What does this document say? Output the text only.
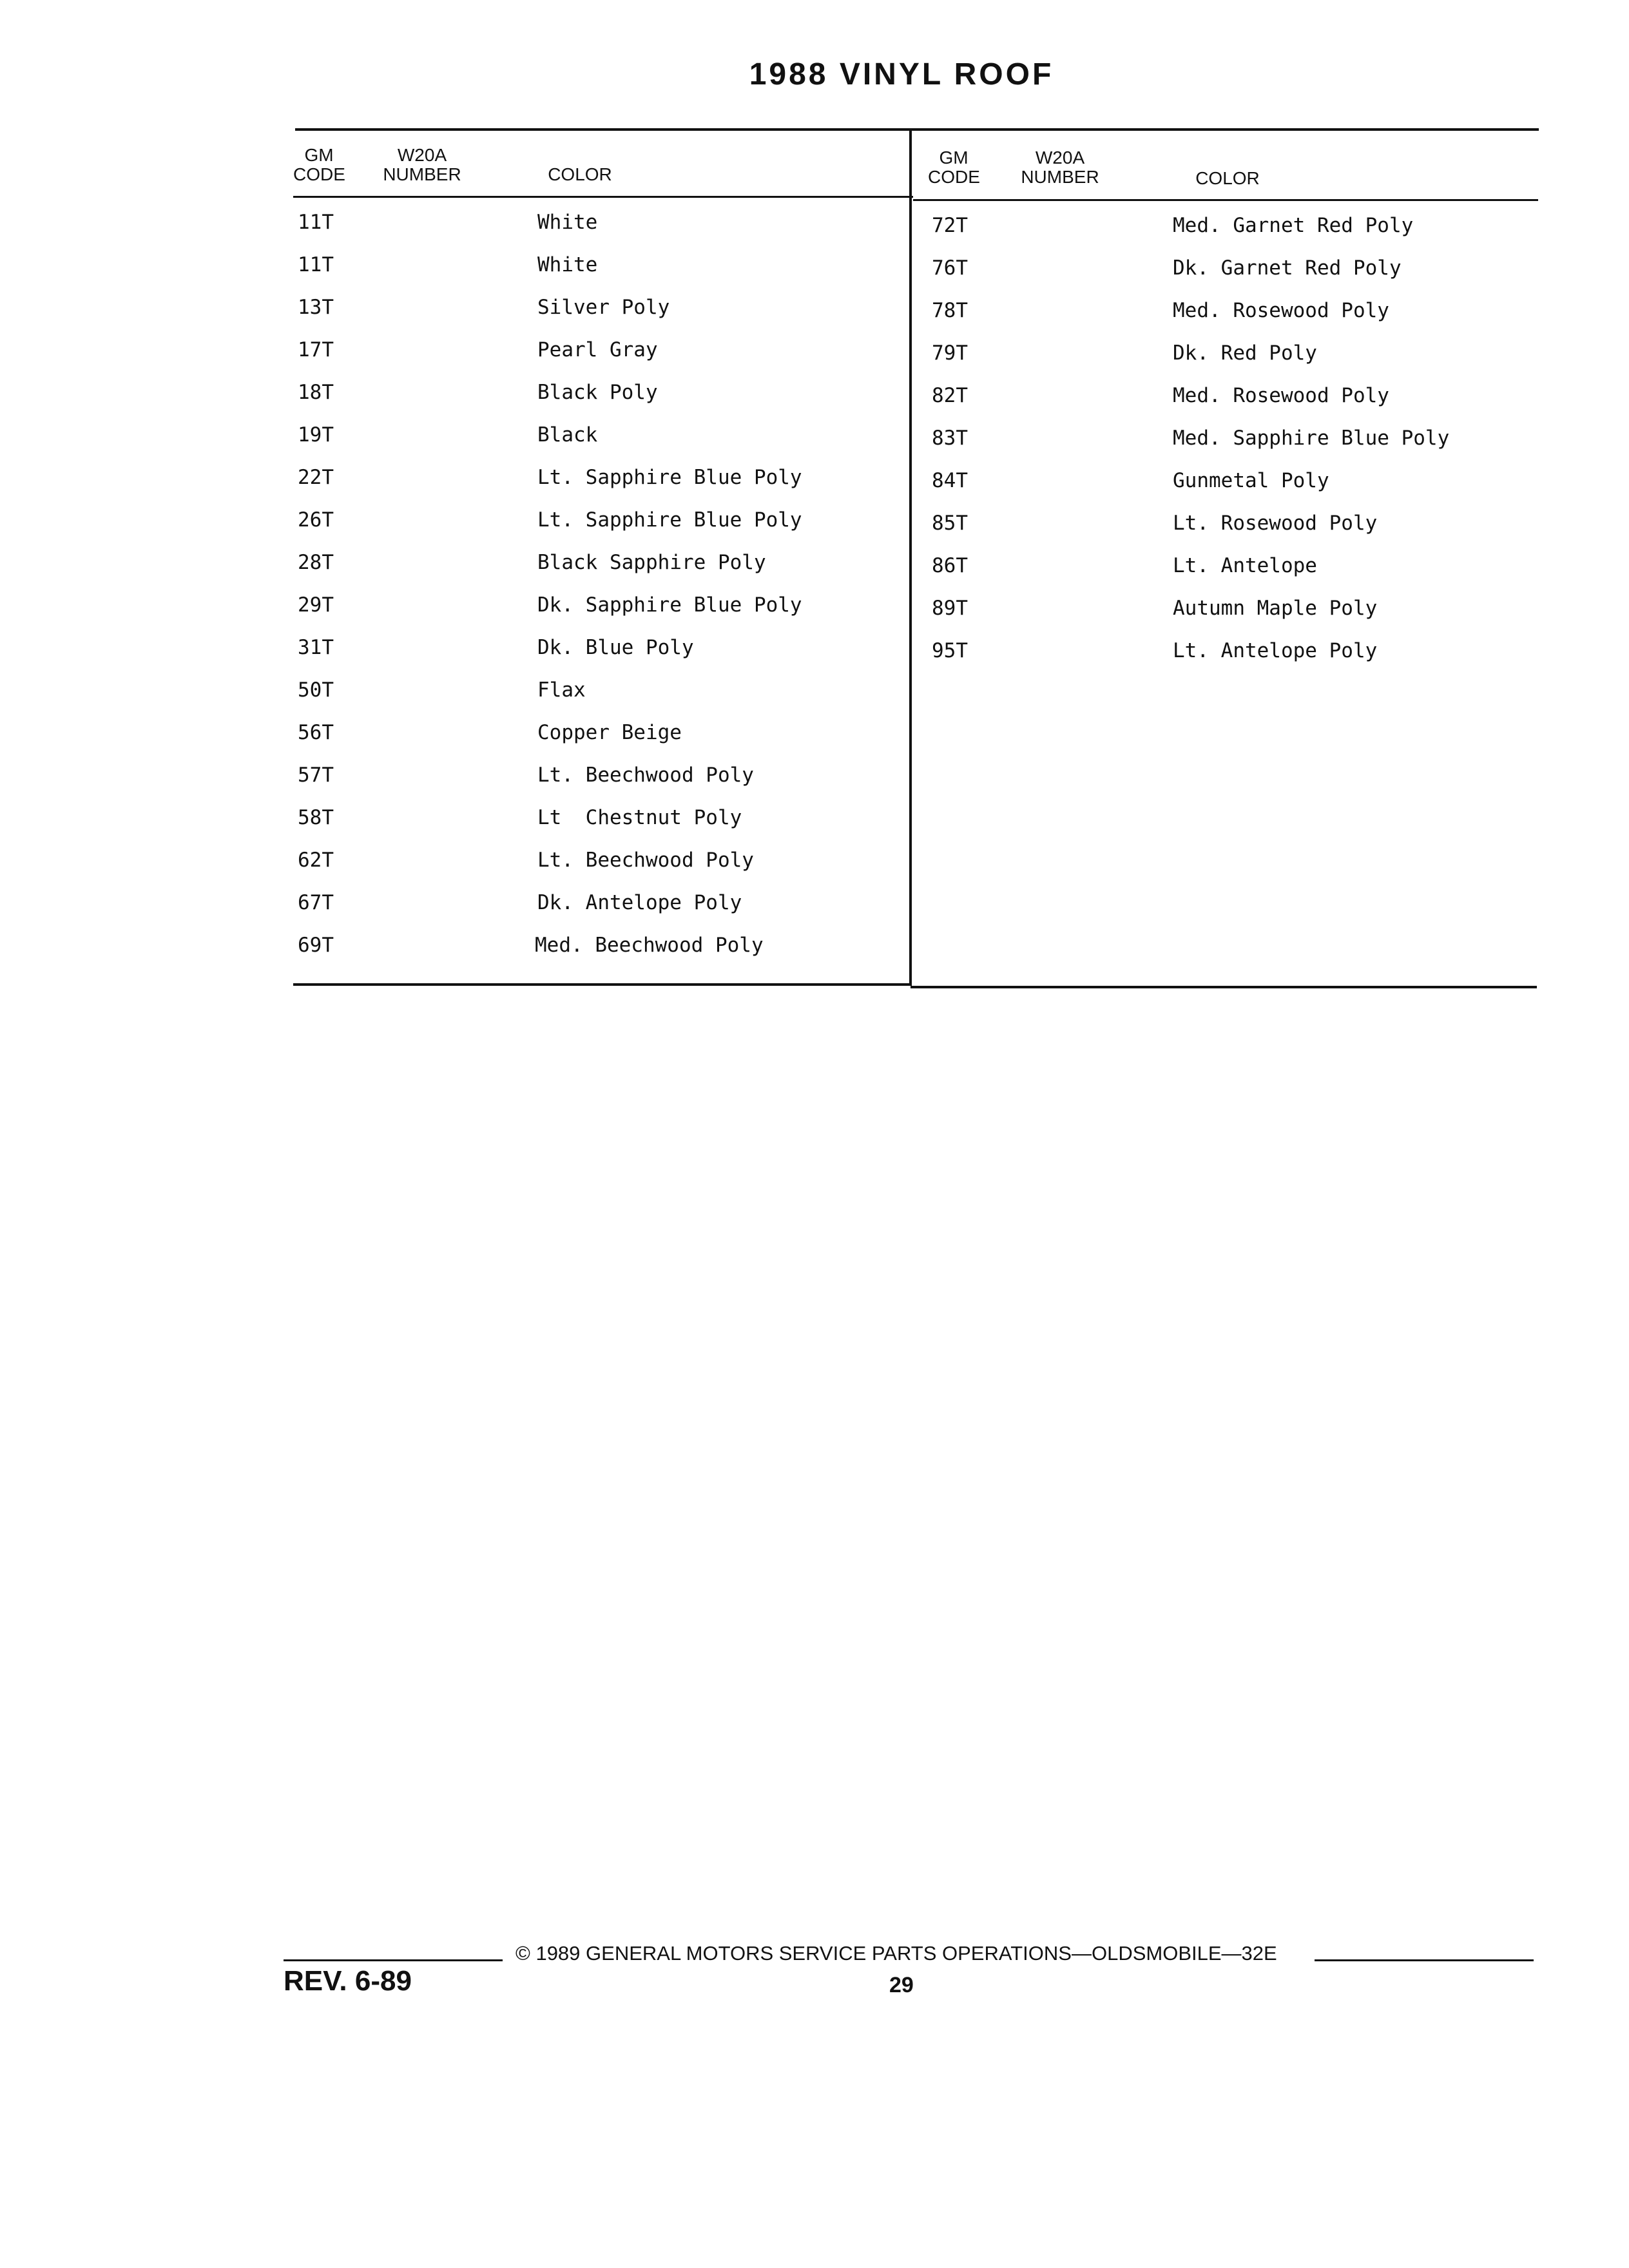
1988 VINYL ROOF
GM
CODE
W20A
NUMBER	COLOR
GM
CODE
W20A
NUMBER	COLOR
11T	White
11T	White
13T	Silver Poly
17T	Pearl Gray
18T	Black Poly
19T	Black
22T	Lt. Sapphire Blue Poly
26T	Lt. Sapphire Blue Poly
28T	Black Sapphire Poly
29T	Dk. Sapphire Blue Poly
31T	Dk. Blue Poly
50T	Flax
56T	Copper Beige
57T	Lt. Beechwood Poly
58T	Lt  Chestnut Poly
62T	Lt. Beechwood Poly
67T	Dk. Antelope Poly
69T	Med. Beechwood Poly
72T	Med. Garnet Red Poly
76T	Dk. Garnet Red Poly
78T	Med. Rosewood Poly
79T	Dk. Red Poly
82T	Med. Rosewood Poly
83T	Med. Sapphire Blue Poly
84T	Gunmetal Poly
85T	Lt. Rosewood Poly
86T	Lt. Antelope
89T	Autumn Maple Poly
95T	Lt. Antelope Poly
© 1989 GENERAL MOTORS SERVICE PARTS OPERATIONS—OLDSMOBILE—32E
REV. 6-89	29
